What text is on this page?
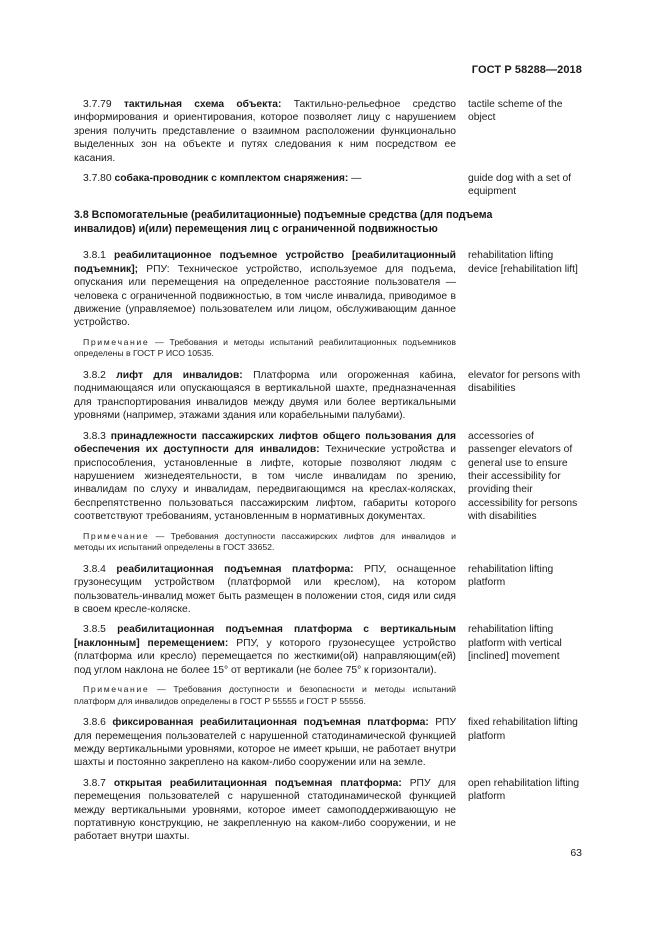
ГОСТ Р 58288—2018

3.7.79 тактильная схема объекта: Тактильно-рельефное средство информирования и ориентирования, которое позволяет лицу с нарушением зрения получить представление о взаимном расположении функционально выделенных зон на объекте и путях следования к ним посредством ее касания.

tactile scheme of the object

3.7.80 собака-проводник с комплектом снаряжения: —	guide dog with a set of equipment

3.8 Вспомогательные (реабилитационные) подъемные средства (для подъема
инвалидов) и(или) перемещения лиц с ограниченной подвижностью

3.8.1 реабилитационное подъемное устройство [реабилитационный подъемник]; РПУ: Техническое устройство, используемое для подъема, опускания или перемещения на определенное расстояние пользователя — человека с ограниченной подвижностью, в том числе инвалида, приводимое в движение (управляемое) пользователем или лицом, обслуживающим данное устройство.

rehabilitation lifting device [rehabilitation lift]

Примечание — Требования и методы испытаний реабилитационных подъемников определены в ГОСТ Р ИСО 10535.

3.8.2 лифт для инвалидов: Платформа или огороженная кабина, поднимающаяся или опускающаяся в вертикальной шахте, предназначенная для транспортирования инвалидов между двумя или более вертикальными уровнями (например, этажами здания или корабельными палубами).

elevator for persons with disabilities

3.8.3 принадлежности пассажирских лифтов общего пользования для обеспечения их доступности для инвалидов: Технические устройства и приспособления, установленные в лифте, которые позволяют людям с нарушением жизнедеятельности, в том числе инвалидам по зрению, инвалидам по слуху и инвалидам, передвигающимся на креслах-колясках, беспрепятственно пользоваться пассажирским лифтом, габариты которого соответствуют требованиям, установленным в нормативных документах.

accessories of passenger elevators of general use to ensure their accessibility for providing their accessibility for persons with disabilities

Примечание — Требования доступности пассажирских лифтов для инвалидов и методы их испытаний определены в ГОСТ 33652.

3.8.4 реабилитационная подъемная платформа: РПУ, оснащенное грузонесущим устройством (платформой или креслом), на котором пользователь-инвалид может быть размещен в положении стоя, сидя или сидя в своем кресле-коляске.

rehabilitation lifting platform

3.8.5 реабилитационная подъемная платформа с вертикальным [наклонным] перемещением: РПУ, у которого грузонесущее устройство (платформа или кресло) перемещается по жесткими(ой) направляющим(ей) под углом наклона не более 15° от вертикали (не более 75° к горизонтали).

rehabilitation lifting platform with vertical [inclined] movement

Примечание — Требования доступности и безопасности и методы испытаний платформ для инвалидов определены в ГОСТ Р 55555 и ГОСТ Р 55556.

3.8.6 фиксированная реабилитационная подъемная платформа: РПУ для перемещения пользователей с нарушенной статодинамической функцией между вертикальными уровнями, которое не имеет крыши, не работает внутри шахты и постоянно закреплено на каком-либо сооружении или на земле.

fixed rehabilitation lifting platform

3.8.7 открытая реабилитационная подъемная платформа: РПУ для перемещения пользователей с нарушенной статодинамической функцией между вертикальными уровнями, которое имеет самоподдерживающую не портативную конструкцию, не закрепленную на каком-либо сооружении, и не работает внутри шахты.

open rehabilitation lifting platform

63
